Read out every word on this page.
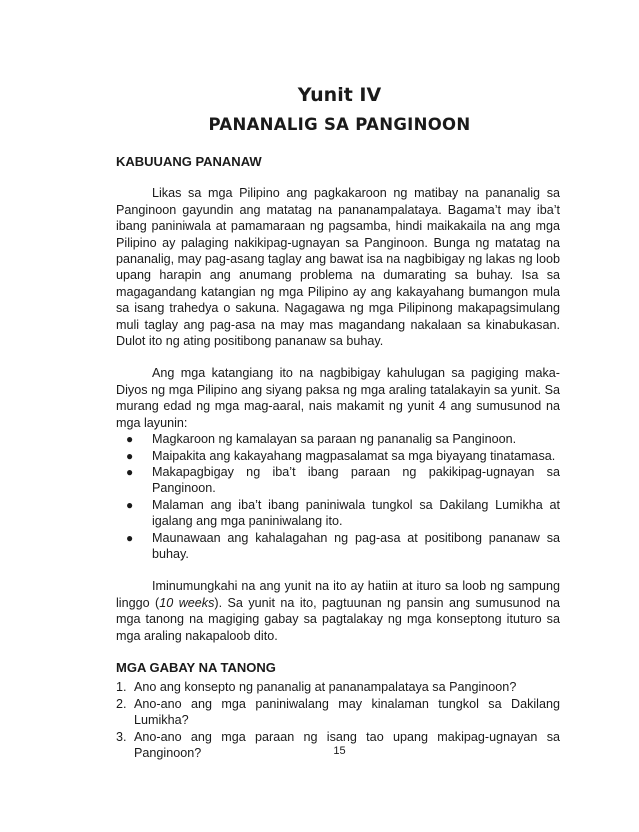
Yunit IV
PANANALIG SA PANGINOON
KABUUANG PANANAW

Likas sa mga Pilipino ang pagkakaroon ng matibay na pananalig sa Panginoon gayundin ang matatag na pananampalataya. Bagama’t may iba’t ibang paniniwala at pamamaraan ng pagsamba, hindi maikakaila na ang mga Pilipino ay palaging nakikipag-ugnayan sa Panginoon. Bunga ng matatag na pananalig, may pag-asang taglay ang bawat isa na nagbibigay ng lakas ng loob upang harapin ang anumang problema na dumarating sa buhay. Isa sa magagandang katangian ng mga Pilipino ay ang kakayahang bumangon mula sa isang trahedya o sakuna. Nagagawa ng mga Pilipinong makapagsimulang muli taglay ang pag-asa na may mas magandang nakalaan sa kinabukasan. Dulot ito ng ating positibong pananaw sa buhay.

Ang mga katangiang ito na nagbibigay kahulugan sa pagiging maka-Diyos ng mga Pilipino ang siyang paksa ng mga araling tatalakayin sa yunit. Sa murang edad ng mga mag-aaral, nais makamit ng yunit 4 ang sumusunod na mga layunin:

● Magkaroon ng kamalayan sa paraan ng pananalig sa Panginoon.
● Maipakita ang kakayahang magpasalamat sa mga biyayang tinatamasa.
● Makapagbigay ng iba’t ibang paraan ng pakikipag-ugnayan sa Panginoon.
● Malaman ang iba’t ibang paniniwala tungkol sa Dakilang Lumikha at igalang ang mga paniniwalang ito.
● Maunawaan ang kahalagahan ng pag-asa at positibong pananaw sa buhay.

Iminumungkahi na ang yunit na ito ay hatiin at ituro sa loob ng sampung linggo (10 weeks). Sa yunit na ito, pagtuunan ng pansin ang sumusunod na mga tanong na magiging gabay sa pagtalakay ng mga konseptong ituturo sa mga araling nakapaloob dito.

MGA GABAY NA TANONG
1. Ano ang konsepto ng pananalig at pananampalataya sa Panginoon?
2. Ano-ano ang mga paniniwalang may kinalaman tungkol sa Dakilang Lumikha?
3. Ano-ano ang mga paraan ng isang tao upang makipag-ugnayan sa Panginoon?	15
